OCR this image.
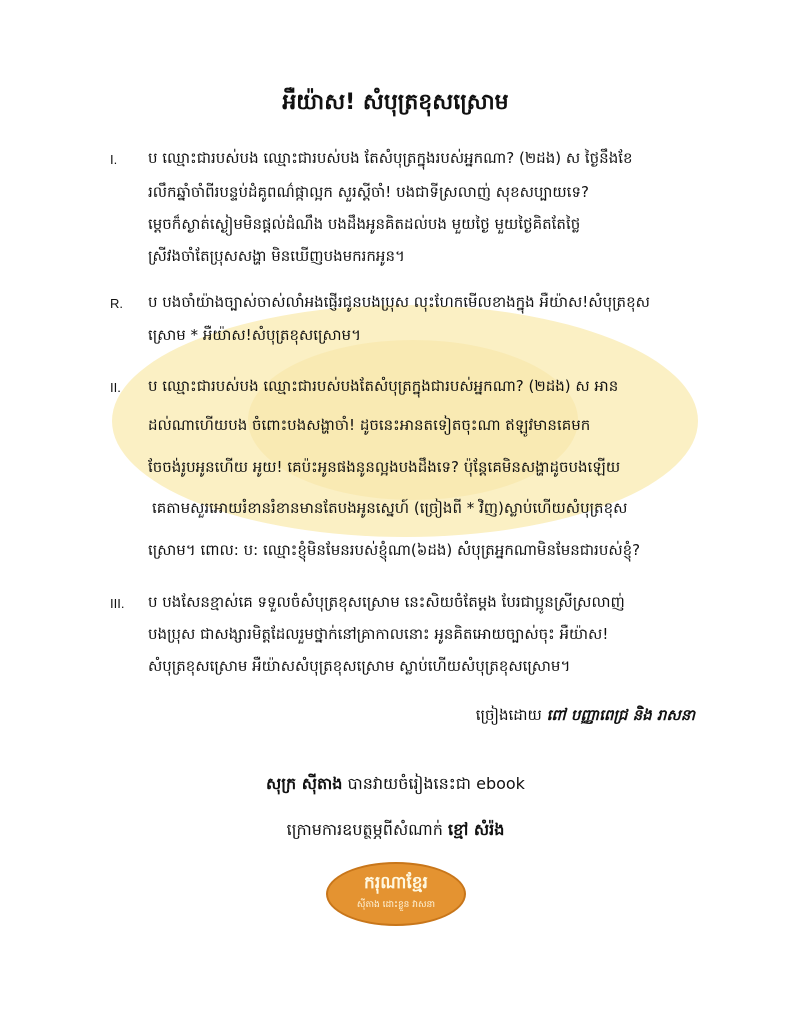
អឺយ៉ាស! សំបុត្រខុសស្រោម
I. ប ឈ្មោះជារបស់បង ឈ្មោះជារបស់បង តែសំបុត្រក្នុងរបស់អ្នកណា? (២ដង) ស ថ្ងៃនឹងខែ
រលឹកឆ្នាំចាំពីរបន្ទប់ដំគូពណ៌ផ្កាល្អក សួរស្តីចាំ! បងជាទីស្រលាញ់ សុខសប្បាយទេ?
ម្តេចក៏ស្ងាត់ស្ងៀមមិនផ្តល់ដំណឹង បងដឹងអូនគិតដល់បង មួយថ្ងៃ មួយថ្ងៃគិតតែថ្លៃ
ស្រីវងចាំតែប្រុសសង្ហា មិនឃើញបងមករកអូន។
R. ប បងចាំយ៉ាងច្បាស់ចាស់លាំអងផ្ញើរជូនបងប្រុស លុះហែកមើលខាងក្នុង អឺយ៉ាស!សំបុត្រខុស
ស្រោម * អឺយ៉ាស!សំបុត្រខុសស្រោម។
II. ប ឈ្មោះជារបស់បង ឈ្មោះជារបស់បងតែសំបុត្រក្នុងជារបស់អ្នកណា? (២ដង) ស អាន
ដល់ណាហើយបង ចំពោះបងសង្ហាចាំ! ដូចនេះអានតទៀតចុះណា ឥឡូវមានគេមក
ចែចង់រូបអូនហើយ អូយ! គេប៉ះអូនផងនូនល្អងបងដឹងទេ? ប៉ុន្តែគេមិនសង្ហាដូចបងឡើយ
គេតាមសួរអោយរំខានរំខានមានតែបងអូនស្នេហ៍ (ច្រៀងពី * វិញ)ស្លាប់ហើយសំបុត្រខុស
ស្រោម។ ពោល: ប: ឈ្មោះខ្ញុំមិនមែនរបស់ខ្ញុំណា(៦ដង) សំបុត្រអ្នកណាមិនមែនជារបស់ខ្ញុំ?
III. ប បងសែនខ្មាស់គេ ទទួលចំសំបុត្រខុសស្រោម នេះសិយចំតែម្តង បែរជាប្អូនស្រីស្រលាញ់
បងប្រុស ជាសង្សារមិត្តដែលរួមថ្នាក់នៅគ្រាកាលនោះ អូនគិតអោយច្បាស់ចុះ អឺយ៉ាស!
សំបុត្រខុសស្រោម អឺយ៉ាសសំបុត្រខុសស្រោម ស្លាប់ហើយសំបុត្រខុសស្រោម។
ច្រៀងដោយ ពៅ បញ្ញាពេជ្រ និង រាសនា
សុក្រ ស៊ីតាង បានវាយចំរៀងនេះជា ebook
ក្រោមការឧបត្ថម្ភពីសំណាក់ ខ្មៅ សំរ៉ង
ករុណាខ្មែរ
ស៊ីតាង ដោះខ្លួន វាសនា
